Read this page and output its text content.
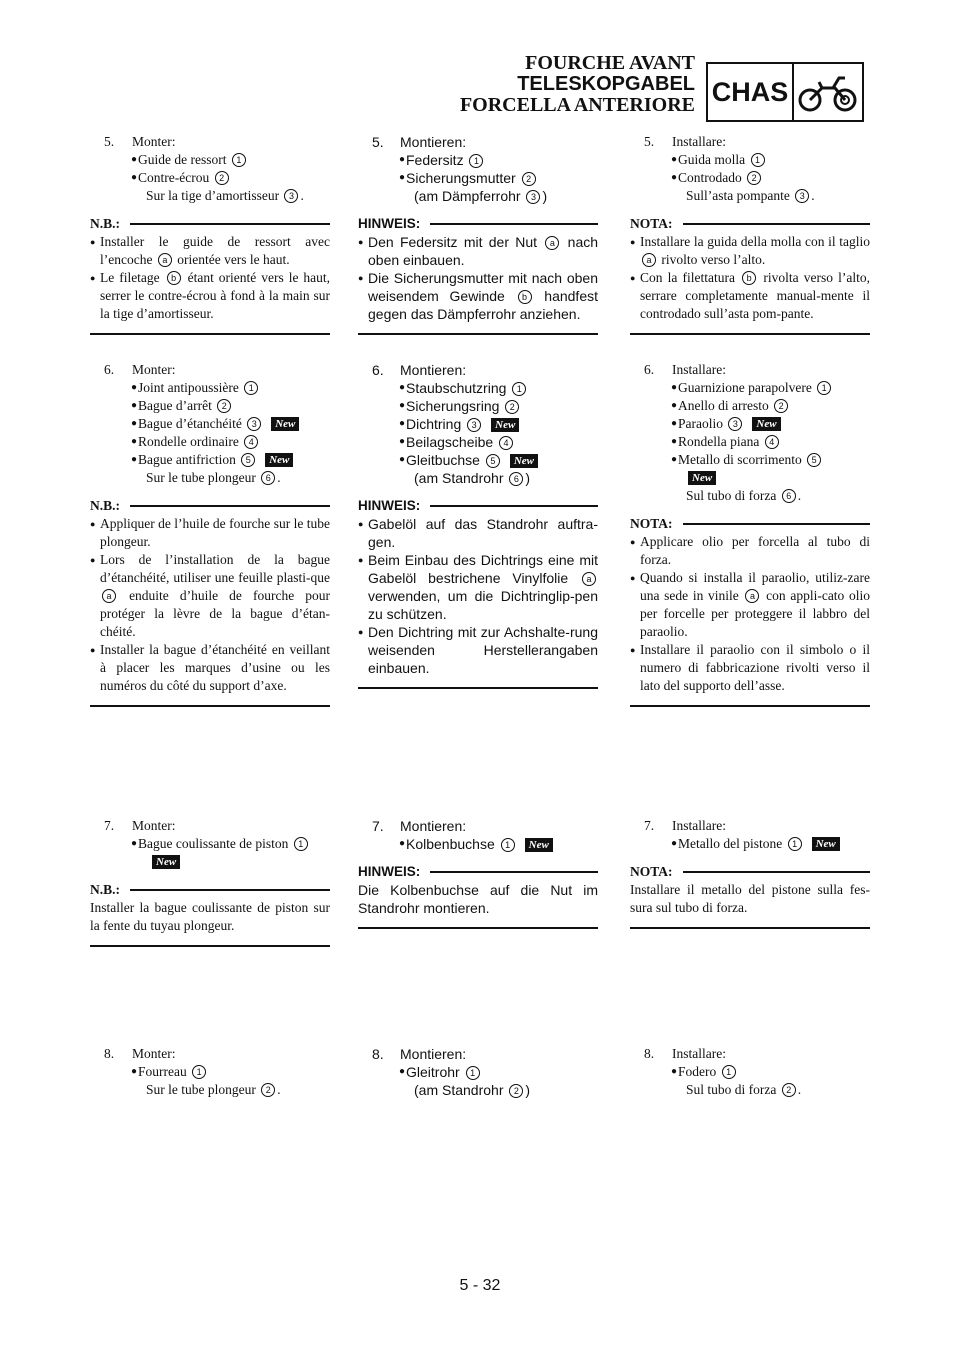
FOURCHE AVANT
TELESKOPGABEL
FORCELLA ANTERIORE CHAS
5. Monter:
● Guide de ressort 1
● Contre-écrou 2
Sur la tige d’amortisseur 3 .
N.B.:
● Installer le guide de ressort avec l’encoche a orientée vers le haut.
● Le filetage b étant orienté vers le haut, serrer le contre-écrou à fond à la main sur la tige d’amortisseur.
6. Monter:
● Joint antipoussière 1
● Bague d’arrêt 2
● Bague d’étanchéité 3 New
● Rondelle ordinaire 4
● Bague antifriction 5 New
Sur le tube plongeur 6 .
N.B.:
● Appliquer de l’huile de fourche sur le tube plongeur.
● Lors de l’installation de la bague d’étanchéité, utiliser une feuille plasti-que a enduite d’huile de fourche pour protéger la lèvre de la bague d’étan-chéité.
● Installer la bague d’étanchéité en veillant à placer les marques d’usine ou les numéros du côté du support d’axe.
7. Monter:
● Bague coulissante de piston 1
New
N.B.:
Installer la bague coulissante de piston sur la fente du tuyau plongeur.
8. Monter:
● Fourreau 1
Sur le tube plongeur 2 .
5. Montieren:
● Federsitz 1
● Sicherungsmutter 2
(am Dämpferrohr 3 )
HINWEIS:
● Den Federsitz mit der Nut a nach oben einbauen.
● Die Sicherungsmutter mit nach oben weisendem Gewinde b handfest gegen das Dämpferrohr anziehen.
6. Montieren:
● Staubschutzring 1
● Sicherungsring 2
● Dichtring 3 New
● Beilagscheibe 4
● Gleitbuchse 5 New
(am Standrohr 6 )
HINWEIS:
● Gabelöl auf das Standrohr auftra-gen.
● Beim Einbau des Dichtrings eine mit Gabelöl bestrichene Vinylfolie a verwenden, um die Dichtringlip-pen zu schützen.
● Den Dichtring mit zur Achshalte-rung weisenden Herstellerangaben einbauen.
7. Montieren:
● Kolbenbuchse 1 New
HINWEIS:
Die Kolbenbuchse auf die Nut im Standrohr montieren.
8. Montieren:
● Gleitrohr 1
(am Standrohr 2 )
5. Installare:
● Guida molla 1
● Controdado 2
Sull’asta pompante 3 .
NOTA:
● Installare la guida della molla con il taglio a rivolto verso l’alto.
● Con la filettatura b rivolta verso l’alto, serrare completamente manual-mente il controdado sull’asta pom-pante.
6. Installare:
● Guarnizione parapolvere 1
● Anello di arresto 2
● Paraolio 3 New
● Rondella piana 4
● Metallo di scorrimento 5
New
Sul tubo di forza 6 .
NOTA:
● Applicare olio per forcella al tubo di forza.
● Quando si installa il paraolio, utiliz-zare una sede in vinile a con appli-cato olio per forcelle per proteggere il labbro del paraolio.
● Installare il paraolio con il simbolo o il numero di fabbricazione rivolti verso il lato del supporto dell’asse.
7. Installare:
● Metallo del pistone 1 New
NOTA:
Installare il metallo del pistone sulla fes-sura sul tubo di forza.
8. Installare:
● Fodero 1
Sul tubo di forza 2 .
5 - 32
